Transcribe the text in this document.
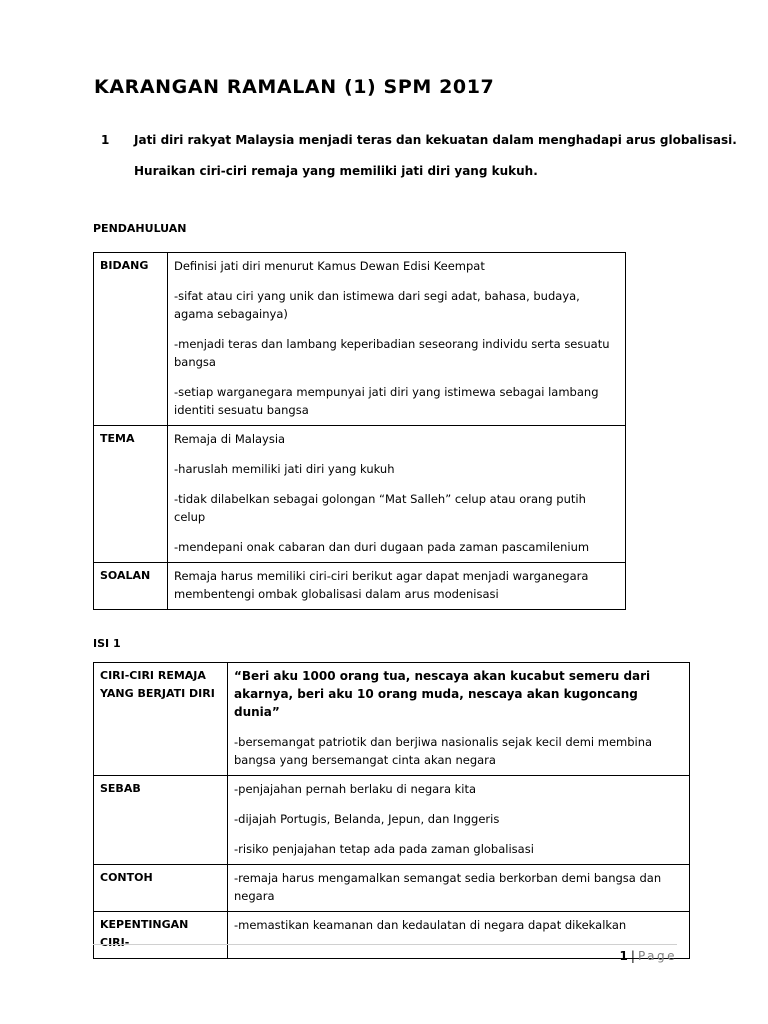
KARANGAN RAMALAN (1) SPM 2017
1 Jati diri rakyat Malaysia menjadi teras dan kekuatan dalam menghadapi arus globalisasi.
Huraikan ciri-ciri remaja yang memiliki jati diri yang kukuh.
PENDAHULUAN
BIDANG	Definisi jati diri menurut Kamus Dewan Edisi Keempat

-sifat atau ciri yang unik dan istimewa dari segi adat, bahasa, budaya, agama sebagainya)

-menjadi teras dan lambang keperibadian seseorang individu serta sesuatu bangsa

-setiap warganegara mempunyai jati diri yang istimewa sebagai lambang identiti sesuatu bangsa

TEMA	Remaja di Malaysia

-haruslah memiliki jati diri yang kukuh

-tidak dilabelkan sebagai golongan “Mat Salleh” celup atau orang putih celup

-mendepani onak cabaran dan duri dugaan pada zaman pascamilenium

SOALAN	Remaja harus memiliki ciri-ciri berikut agar dapat menjadi warganegara membentengi ombak globalisasi dalam arus modenisasi

ISI 1
CIRI-CIRI REMAJA YANG BERJATI DIRI	“Beri aku 1000 orang tua, nescaya akan kucabut semeru dari akarnya, beri aku 10 orang muda, nescaya akan kugoncang dunia”

-bersemangat patriotik dan berjiwa nasionalis sejak kecil demi membina bangsa yang bersemangat cinta akan negara

SEBAB	-penjajahan pernah berlaku di negara kita

-dijajah Portugis, Belanda, Jepun, dan Inggeris

-risiko penjajahan tetap ada pada zaman globalisasi

CONTOH	-remaja harus mengamalkan semangat sedia berkorban demi bangsa dan negara

KEPENTINGAN CIRI-	-memastikan keamanan dan kedaulatan di negara dapat dikekalkan

1 | Page
